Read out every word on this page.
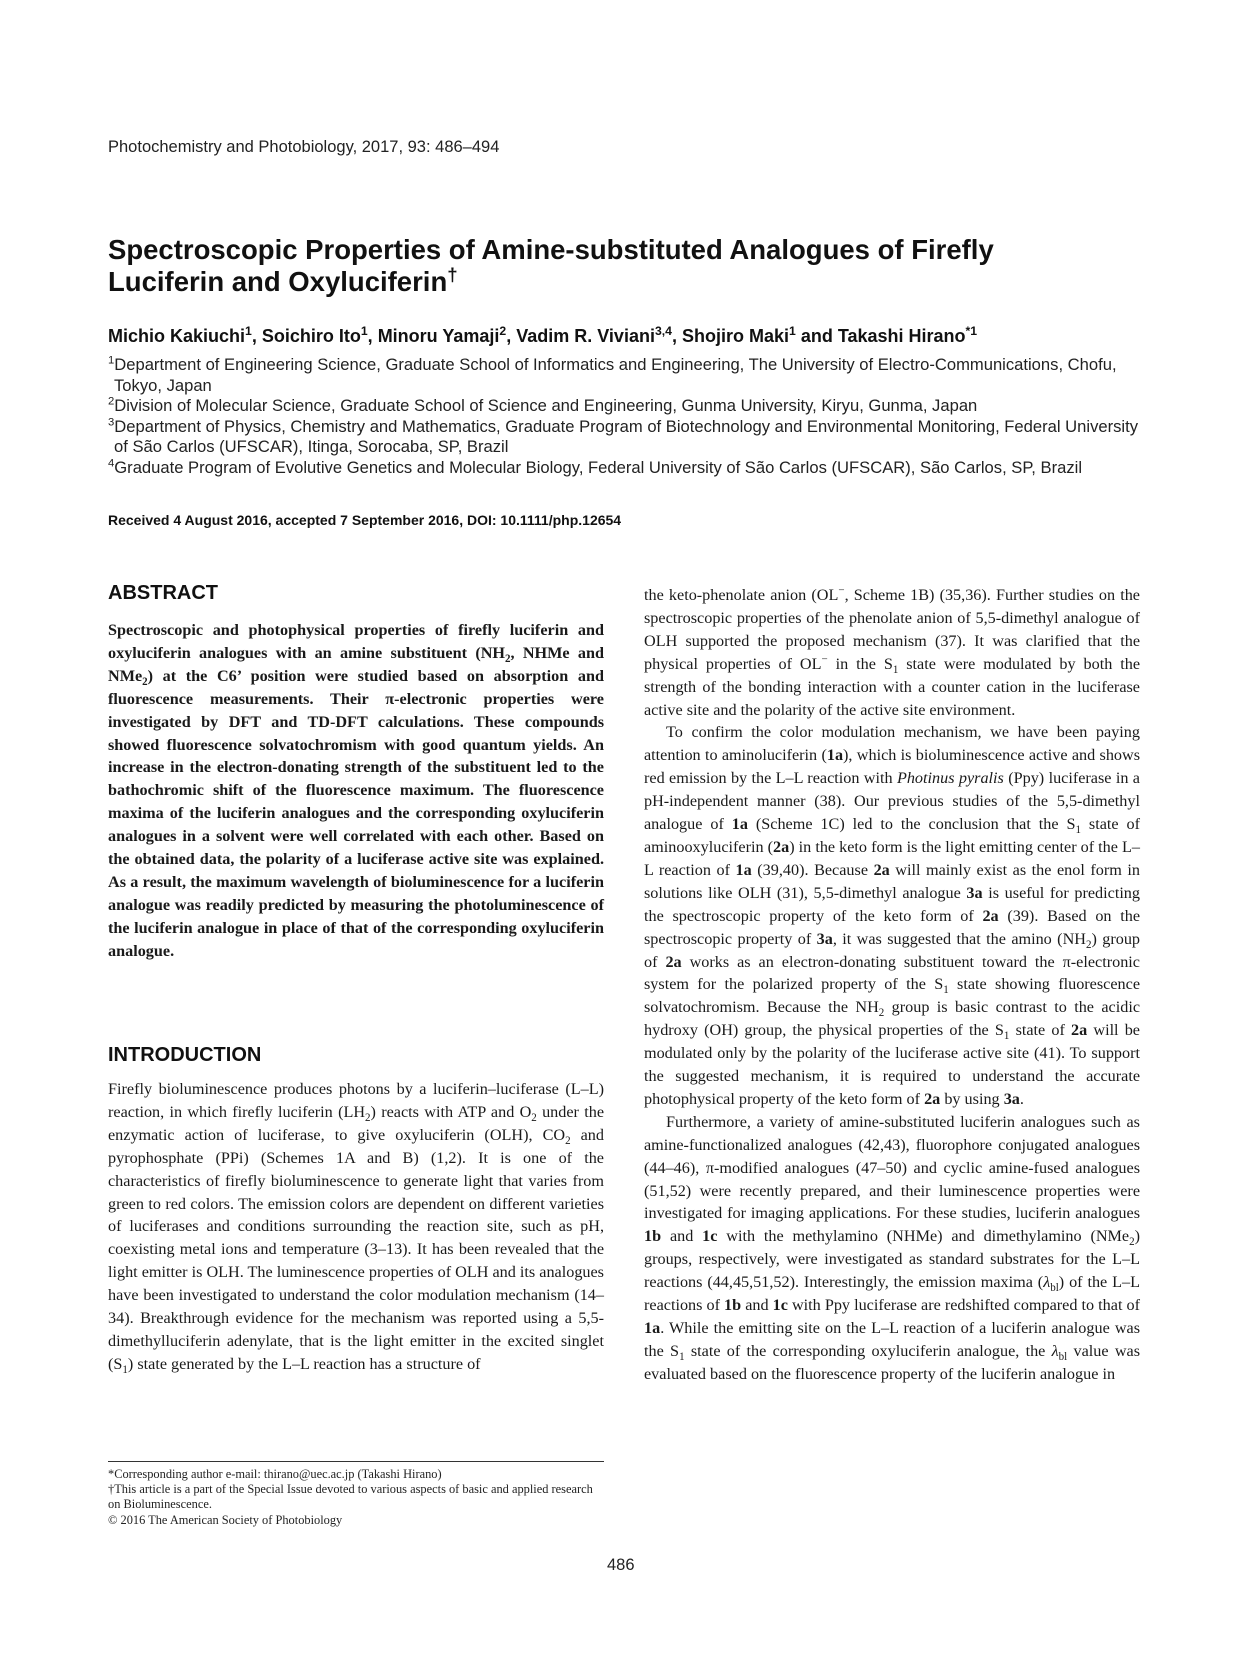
Photochemistry and Photobiology, 2017, 93: 486–494
Spectroscopic Properties of Amine-substituted Analogues of Firefly
Luciferin and Oxyluciferin†
Michio Kakiuchi$^1$, Soichiro Ito$^1$, Minoru Yamaji$^2$, Vadim R. Viviani$^{3,4}$, Shojiro Maki$^1$ and Takashi Hirano$^{*1}$
$^1$Department of Engineering Science, Graduate School of Informatics and Engineering, The University of Electro-Communications, Chofu, Tokyo, Japan
$^2$Division of Molecular Science, Graduate School of Science and Engineering, Gunma University, Kiryu, Gunma, Japan
$^3$Department of Physics, Chemistry and Mathematics, Graduate Program of Biotechnology and Environmental Monitoring, Federal University of São Carlos (UFSCAR), Itinga, Sorocaba, SP, Brazil
$^4$Graduate Program of Evolutive Genetics and Molecular Biology, Federal University of São Carlos (UFSCAR), São Carlos, SP, Brazil
Received 4 August 2016, accepted 7 September 2016, DOI: 10.1111/php.12654
ABSTRACT

Spectroscopic and photophysical properties of firefly luciferin and oxyluciferin analogues with an amine substituent ($NH_2$, NHMe and NMe$_2$) at the C6’ position were studied based on absorption and fluorescence measurements. Their π-electronic properties were investigated by DFT and TD-DFT calculations. These compounds showed fluorescence solvatochromism with good quantum yields. An increase in the electron-donating strength of the substituent led to the bathochromic shift of the fluorescence maximum. The fluorescence maxima of the luciferin analogues and the corresponding oxyluciferin analogues in a solvent were well correlated with each other. Based on the obtained data, the polarity of a luciferase active site was explained. As a result, the maximum wavelength of bioluminescence for a luciferin analogue was readily predicted by measuring the photoluminescence of the luciferin analogue in place of that of the corresponding oxyluciferin analogue.

INTRODUCTION

Firefly bioluminescence produces photons by a luciferin–luciferase (L–L) reaction, in which firefly luciferin $(LH_2)$ reacts with ATP and $O_2$ under the enzymatic action of luciferase, to give oxyluciferin (OLH), $CO_2$ and pyrophosphate (PPi) (Schemes 1A and B) (1,2). It is one of the characteristics of firefly bioluminescence to generate light that varies from green to red colors. The emission colors are dependent on different varieties of luciferases and conditions surrounding the reaction site, such as pH, coexisting metal ions and temperature (3–13). It has been revealed that the light emitter is OLH. The luminescence properties of OLH and its analogues have been investigated to understand the color modulation mechanism (14–34). Breakthrough evidence for the mechanism was reported using a 5,5-dimethylluciferin adenylate, that is the light emitter in the excited singlet $(S_1)$ state generated by the L–L reaction has a structure of

the keto-phenolate anion (OL−, Scheme 1B) (35,36). Further studies on the spectroscopic properties of the phenolate anion of 5,5-dimethyl analogue of OLH supported the proposed mechanism (37). It was clarified that the physical properties of OL− in the $S_1$ state were modulated by both the strength of the bonding interaction with a counter cation in the luciferase active site and the polarity of the active site environment.

To confirm the color modulation mechanism, we have been paying attention to aminoluciferin (1a), which is bioluminescence active and shows red emission by the L–L reaction with Photinus pyralis (Ppy) luciferase in a pH-independent manner (38). Our previous studies of the 5,5-dimethyl analogue of 1a (Scheme 1C) led to the conclusion that the $S_1$ state of aminooxyluciferin (2a) in the keto form is the light emitting center of the L–L reaction of 1a (39,40). Because 2a will mainly exist as the enol form in solutions like OLH (31), 5,5-dimethyl analogue 3a is useful for predicting the spectroscopic property of the keto form of 2a (39). Based on the spectroscopic property of 3a, it was suggested that the amino $(NH_2)$ group of 2a works as an electron-donating substituent toward the π-electronic system for the polarized property of the $S_1$ state showing fluorescence solvatochromism. Because the $NH_2$ group is basic contrast to the acidic hydroxy (OH) group, the physical properties of the $S_1$ state of 2a will be modulated only by the polarity of the luciferase active site (41). To support the suggested mechanism, it is required to understand the accurate photophysical property of the keto form of 2a by using 3a.

Furthermore, a variety of amine-substituted luciferin analogues such as amine-functionalized analogues (42,43), fluorophore conjugated analogues (44–46), π-modified analogues (47–50) and cyclic amine-fused analogues (51,52) were recently prepared, and their luminescence properties were investigated for imaging applications. For these studies, luciferin analogues 1b and 1c with the methylamino (NHMe) and dimethylamino (NMe$_2$) groups, respectively, were investigated as standard substrates for the L–L reactions (44,45,51,52). Interestingly, the emission maxima $(\lambda_{bl})$ of the L–L reactions of 1b and 1c with Ppy luciferase are redshifted compared to that of 1a. While the emitting site on the L–L reaction of a luciferin analogue was the $S_1$ state of the corresponding oxyluciferin analogue, the $\lambda_{bl}$ value was evaluated based on the fluorescence property of the luciferin analogue in

*Corresponding author e-mail: thirano@uec.ac.jp (Takashi Hirano)

†This article is a part of the Special Issue devoted to various aspects of basic and applied research on Bioluminescence.

© 2016 The American Society of Photobiology

486
